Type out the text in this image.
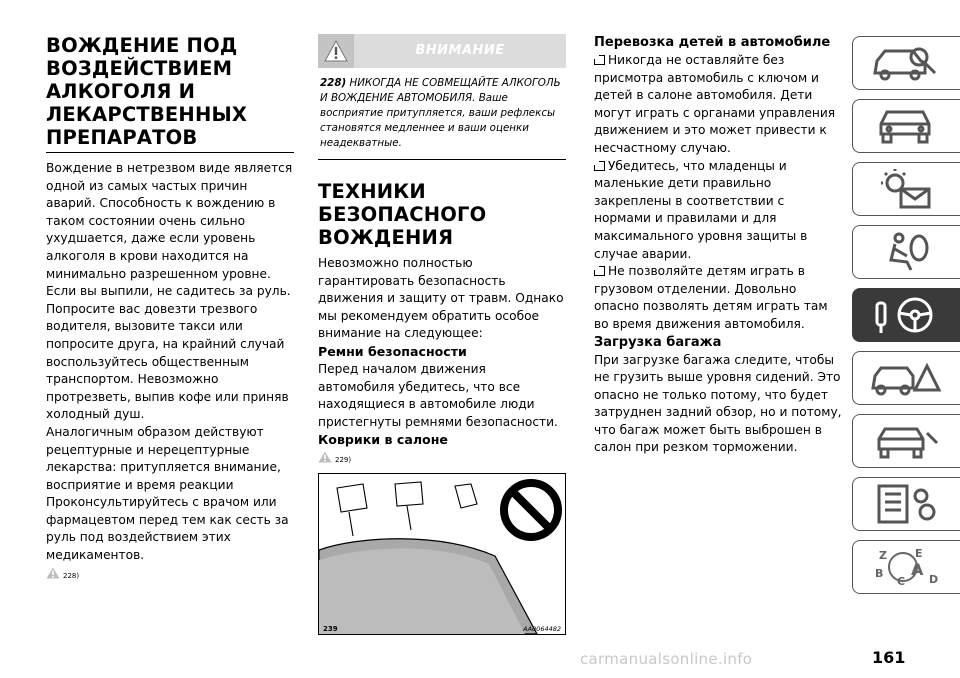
ВОЖДЕНИЕ ПОД
ВОЗДЕЙСТВИЕМ
АЛКОГОЛЯ И
ЛЕКАРСТВЕННЫХ
ПРЕПАРАТОВ

Вождение в нетрезвом виде является одной из самых частых причин аварий. Способность к вождению в таком состоянии очень сильно ухудшается, даже если уровень алкоголя в крови находится на минимально разрешенном уровне. Если вы выпили, не садитесь за руль. Попросите вас довезти трезвого водителя, вызовите такси или попросите друга, на крайний случай воспользуйтесь общественным транспортом. Невозможно протрезветь, выпив кофе или приняв холодный душ.

Аналогичным образом действуют рецептурные и нерецептурные лекарства: притупляется внимание, восприятие и время реакции Проконсультируйтесь с врачом или фармацевтом перед тем как сесть за руль под воздействием этих медикаментов.

228)
ВНИМАНИЕ
228) НИКОГДА НЕ СОВМЕЩАЙТЕ АЛКОГОЛЬ И ВОЖДЕНИЕ АВТОМОБИЛЯ. Ваше восприятие притупляется, ваши рефлексы становятся медленнее и ваши оценки неадекватные.
ТЕХНИКИ
БЕЗОПАСНОГО
ВОЖДЕНИЯ

Невозможно полностью гарантировать безопасность движения и защиту от травм. Однако мы рекомендуем обратить особое внимание на следующее:

Ремни безопасности

Перед началом движения автомобиля убедитесь, что все находящиеся в автомобиле люди пристегнуты ремнями безопасности.

Коврики в салоне
229)
239	AA0064482
Перевозка детей в автомобиле

Никогда не оставляйте без присмотра автомобиль с ключом и детей в салоне автомобиля. Дети могут играть с органами управления движением и это может привести к несчастному случаю.

Убедитесь, что младенцы и маленькие дети правильно закреплены в соответствии с нормами и правилами и для максимального уровня защиты в случае аварии.

Не позволяйте детям играть в грузовом отделении. Довольно опасно позволять детям играть там во время движения автомобиля.

Загрузка багажа

При загрузке багажа следите, чтобы не грузить выше уровня сидений. Это опасно не только потому, что будет затруднен задний обзор, но и потому, что багаж может быть выброшен в салон при резком торможении.

Z	E
B
C
A
D
161
carmanualsonline.info
